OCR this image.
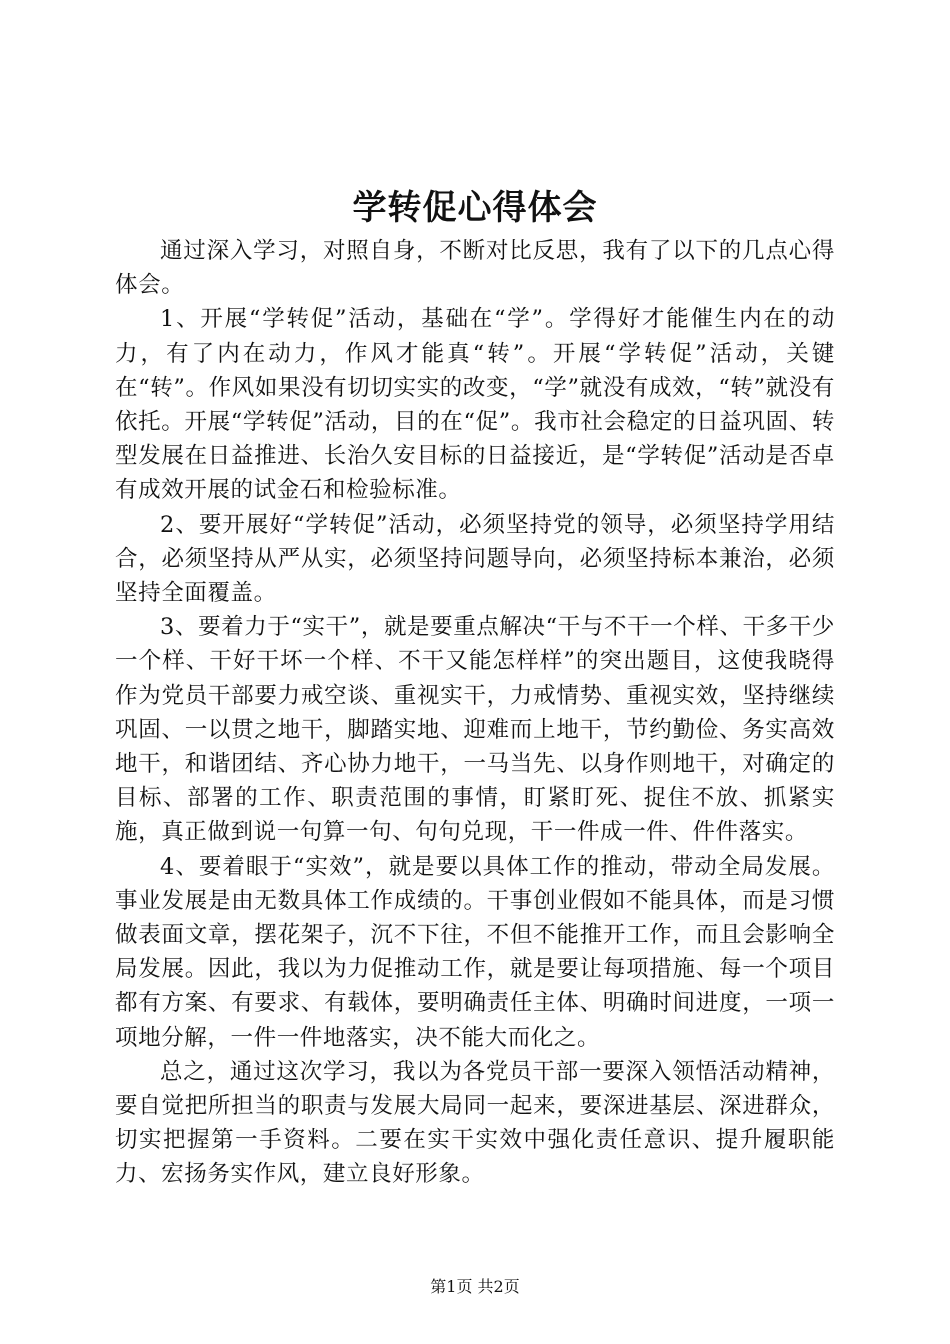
学转促心得体会

通过深入学习，对照自身，不断对比反思，我有了以下的几点心得体会。

1、开展“学转促”活动，基础在“学”。学得好才能催生内在的动力，有了内在动力，作风才能真“转”。开展“学转促”活动，关键在“转”。作风如果没有切切实实的改变，“学”就没有成效，“转”就没有依托。开展“学转促”活动，目的在“促”。我市社会稳定的日益巩固、转型发展在日益推进、长治久安目标的日益接近，是“学转促”活动是否卓有成效开展的试金石和检验标准。

2、要开展好“学转促”活动，必须坚持党的领导，必须坚持学用结合，必须坚持从严从实，必须坚持问题导向，必须坚持标本兼治，必须坚持全面覆盖。

3、要着力于“实干”，就是要重点解决“干与不干一个样、干多干少一个样、干好干坏一个样、不干又能怎样样”的突出题目，这使我晓得作为党员干部要力戒空谈、重视实干，力戒情势、重视实效，坚持继续巩固、一以贯之地干，脚踏实地、迎难而上地干，节约勤俭、务实高效地干，和谐团结、齐心协力地干，一马当先、以身作则地干，对确定的目标、部署的工作、职责范围的事情，盯紧盯死、捉住不放、抓紧实施，真正做到说一句算一句、句句兑现，干一件成一件、件件落实。

4、要着眼于“实效”，就是要以具体工作的推动，带动全局发展。事业发展是由无数具体工作成绩的。干事创业假如不能具体，而是习惯做表面文章，摆花架子，沉不下往，不但不能推开工作，而且会影响全局发展。因此，我以为力促推动工作，就是要让每项措施、每一个项目都有方案、有要求、有载体，要明确责任主体、明确时间进度，一项一项地分解，一件一件地落实，决不能大而化之。

总之，通过这次学习，我以为各党员干部一要深入领悟活动精神，要自觉把所担当的职责与发展大局同一起来，要深进基层、深进群众，切实把握第一手资料。二要在实干实效中强化责任意识、提升履职能力、宏扬务实作风，建立良好形象。

第1页 共2页
